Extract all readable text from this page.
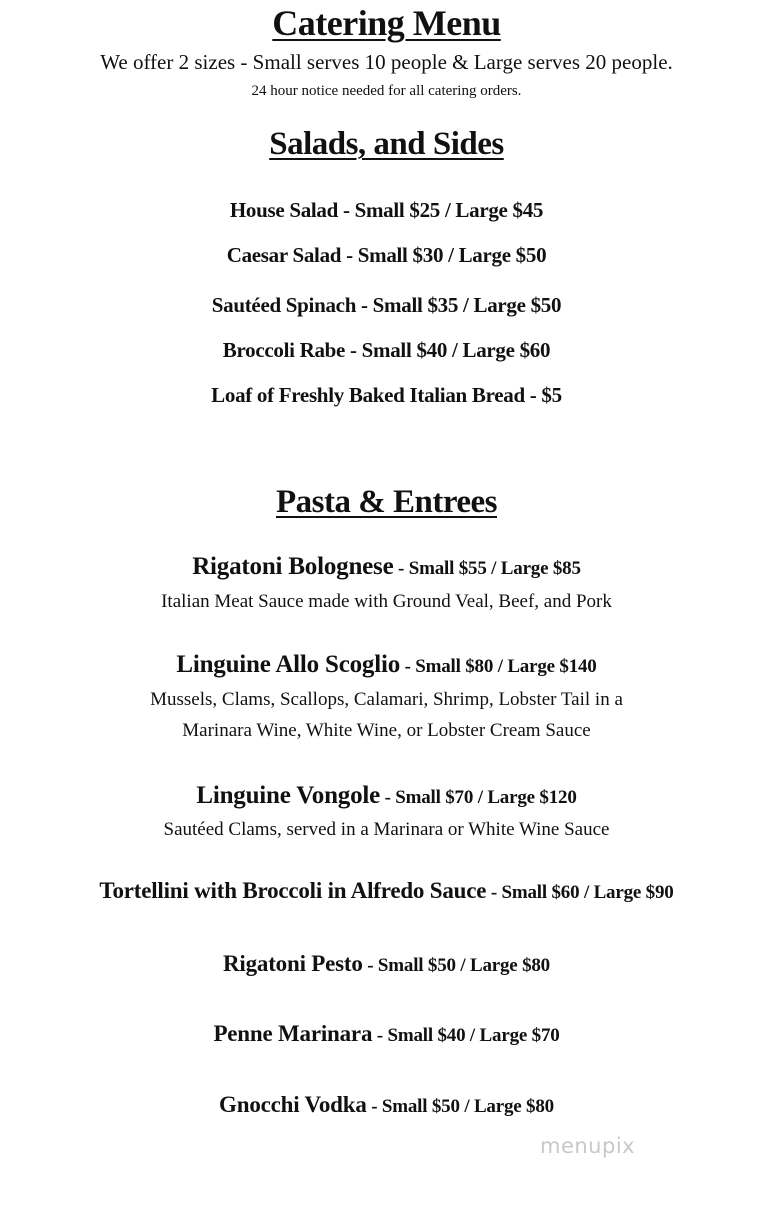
Catering Menu
We offer 2 sizes - Small serves 10 people & Large serves 20 people.
24 hour notice needed for all catering orders.
Salads, and Sides
House Salad - Small $25 / Large $45
Caesar Salad - Small $30 / Large $50
Sautéed Spinach - Small $35 / Large $50
Broccoli Rabe - Small $40 / Large $60
Loaf of Freshly Baked Italian Bread - $5
Pasta & Entrees
Rigatoni Bolognese - Small $55 / Large $85
Italian Meat Sauce made with Ground Veal, Beef, and Pork
Linguine Allo Scoglio - Small $80 / Large $140
Mussels, Clams, Scallops, Calamari, Shrimp, Lobster Tail in a
Marinara Wine, White Wine, or Lobster Cream Sauce
Linguine Vongole - Small $70 / Large $120
Sautéed Clams, served in a Marinara or White Wine Sauce
Tortellini with Broccoli in Alfredo Sauce - Small $60 / Large $90
Rigatoni Pesto - Small $50 / Large $80
Penne Marinara - Small $40 / Large $70
Gnocchi Vodka - Small $50 / Large $80
menupix
